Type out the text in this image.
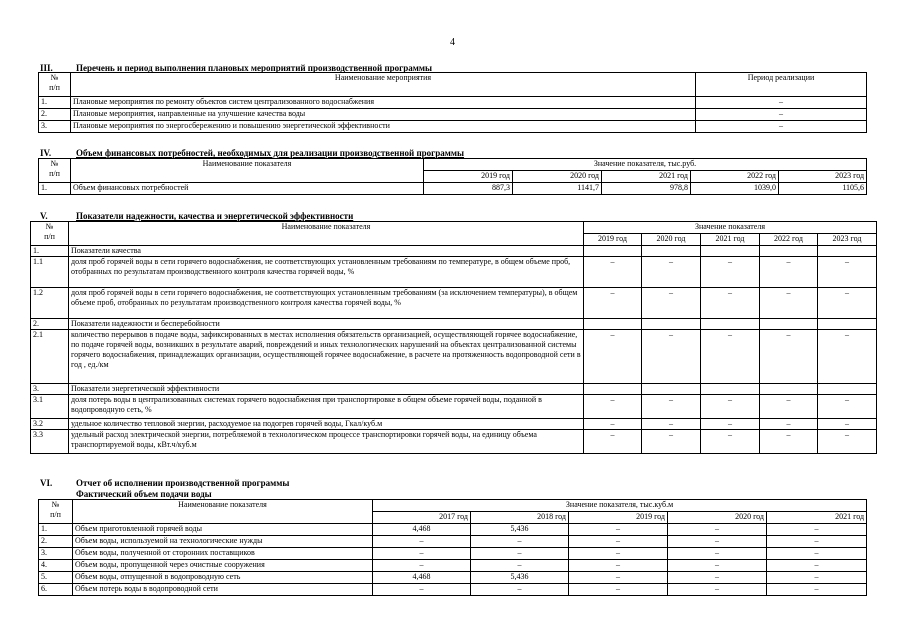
4
III.	Перечень и период выполнения плановых мероприятий производственной программы
№
п/п	Наименование мероприятия	Период реализации
1.	Плановые мероприятия по ремонту объектов систем централизованного водоснабжения	–
2.	Плановые мероприятия, направленные на улучшение качества воды	–
3.	Плановые мероприятия по энергосбережению и повышению энергетической эффективности	–
IV.	Объем финансовых потребностей, необходимых для реализации производственной программы
№
п/п	Наименование показателя	Значение показателя, тыс.руб.				
		2019 год	2020 год	2021 год	2022 год	2023 год
1.	Объем финансовых потребностей	887,3	1141,7	978,8	1039,0	1105,6
V.	Показатели надежности, качества и энергетической эффективности
№
п/п	Наименование показателя	Значение показателя				
		2019 год	2020 год	2021 год	2022 год	2023 год
1.	Показатели качества					
1.1	доля проб горячей воды в сети горячего водоснабжения, не соответствующих установленным требованиям по температуре, в общем объеме проб, отобранных по результатам производственного контроля качества горячей воды, %	–	–	–	–	–
1.2	доля проб горячей воды в сети горячего водоснабжения, не соответствующих установленным требованиям (за исключением температуры), в общем объеме проб, отобранных по результатам производственного контроля качества горячей воды, %	–	–	–	–	–
2.	Показатели надежности и бесперебойности					
2.1	количество перерывов в подаче воды, зафиксированных в местах исполнения обязательств организацией, осуществляющей горячее водоснабжение, по подаче горячей воды, возникших в результате аварий, повреждений и иных технологических нарушений на объектах централизованной системы горячего водоснабжения, принадлежащих организации, осуществляющей горячее водоснабжение, в расчете на протяженность водопроводной сети в год , ед./км	–	–	–	–	–
3.	Показатели энергетической эффективности					
3.1	доля потерь воды в централизованных системах горячего водоснабжения при транспортировке в общем объеме горячей воды, поданной в водопроводную сеть, %	–	–	–	–	–
3.2	удельное количество тепловой энергии, расходуемое на подогрев горячей воды, Гкал/куб.м	–	–	–	–	–
3.3	удельный расход электрической энергии, потребляемой в технологическом процессе транспортировки горячей воды, на единицу объема транспортируемой воды, кВт.ч/куб.м	–	–	–	–	–
VI.	Отчет об исполнении производственной программы
Фактический объем подачи воды
№
п/п	Наименование показателя	Значение показателя, тыс.куб.м				
		2017 год	2018 год	2019 год	2020 год	2021 год
1.	Объем приготовленной горячей воды	4,468	5,436	–	–	–
2.	Объем воды, используемой на технологические нужды	–	–	–	–	–
3.	Объем воды, полученной от сторонних поставщиков	–	–	–	–	–
4.	Объем воды, пропущенной через очистные сооружения	–	–	–	–	–
5.	Объем воды, отпущенной в водопроводную сеть	4,468	5,436	–	–	–
6.	Объем потерь воды в водопроводной сети	–	–	–	–	–
